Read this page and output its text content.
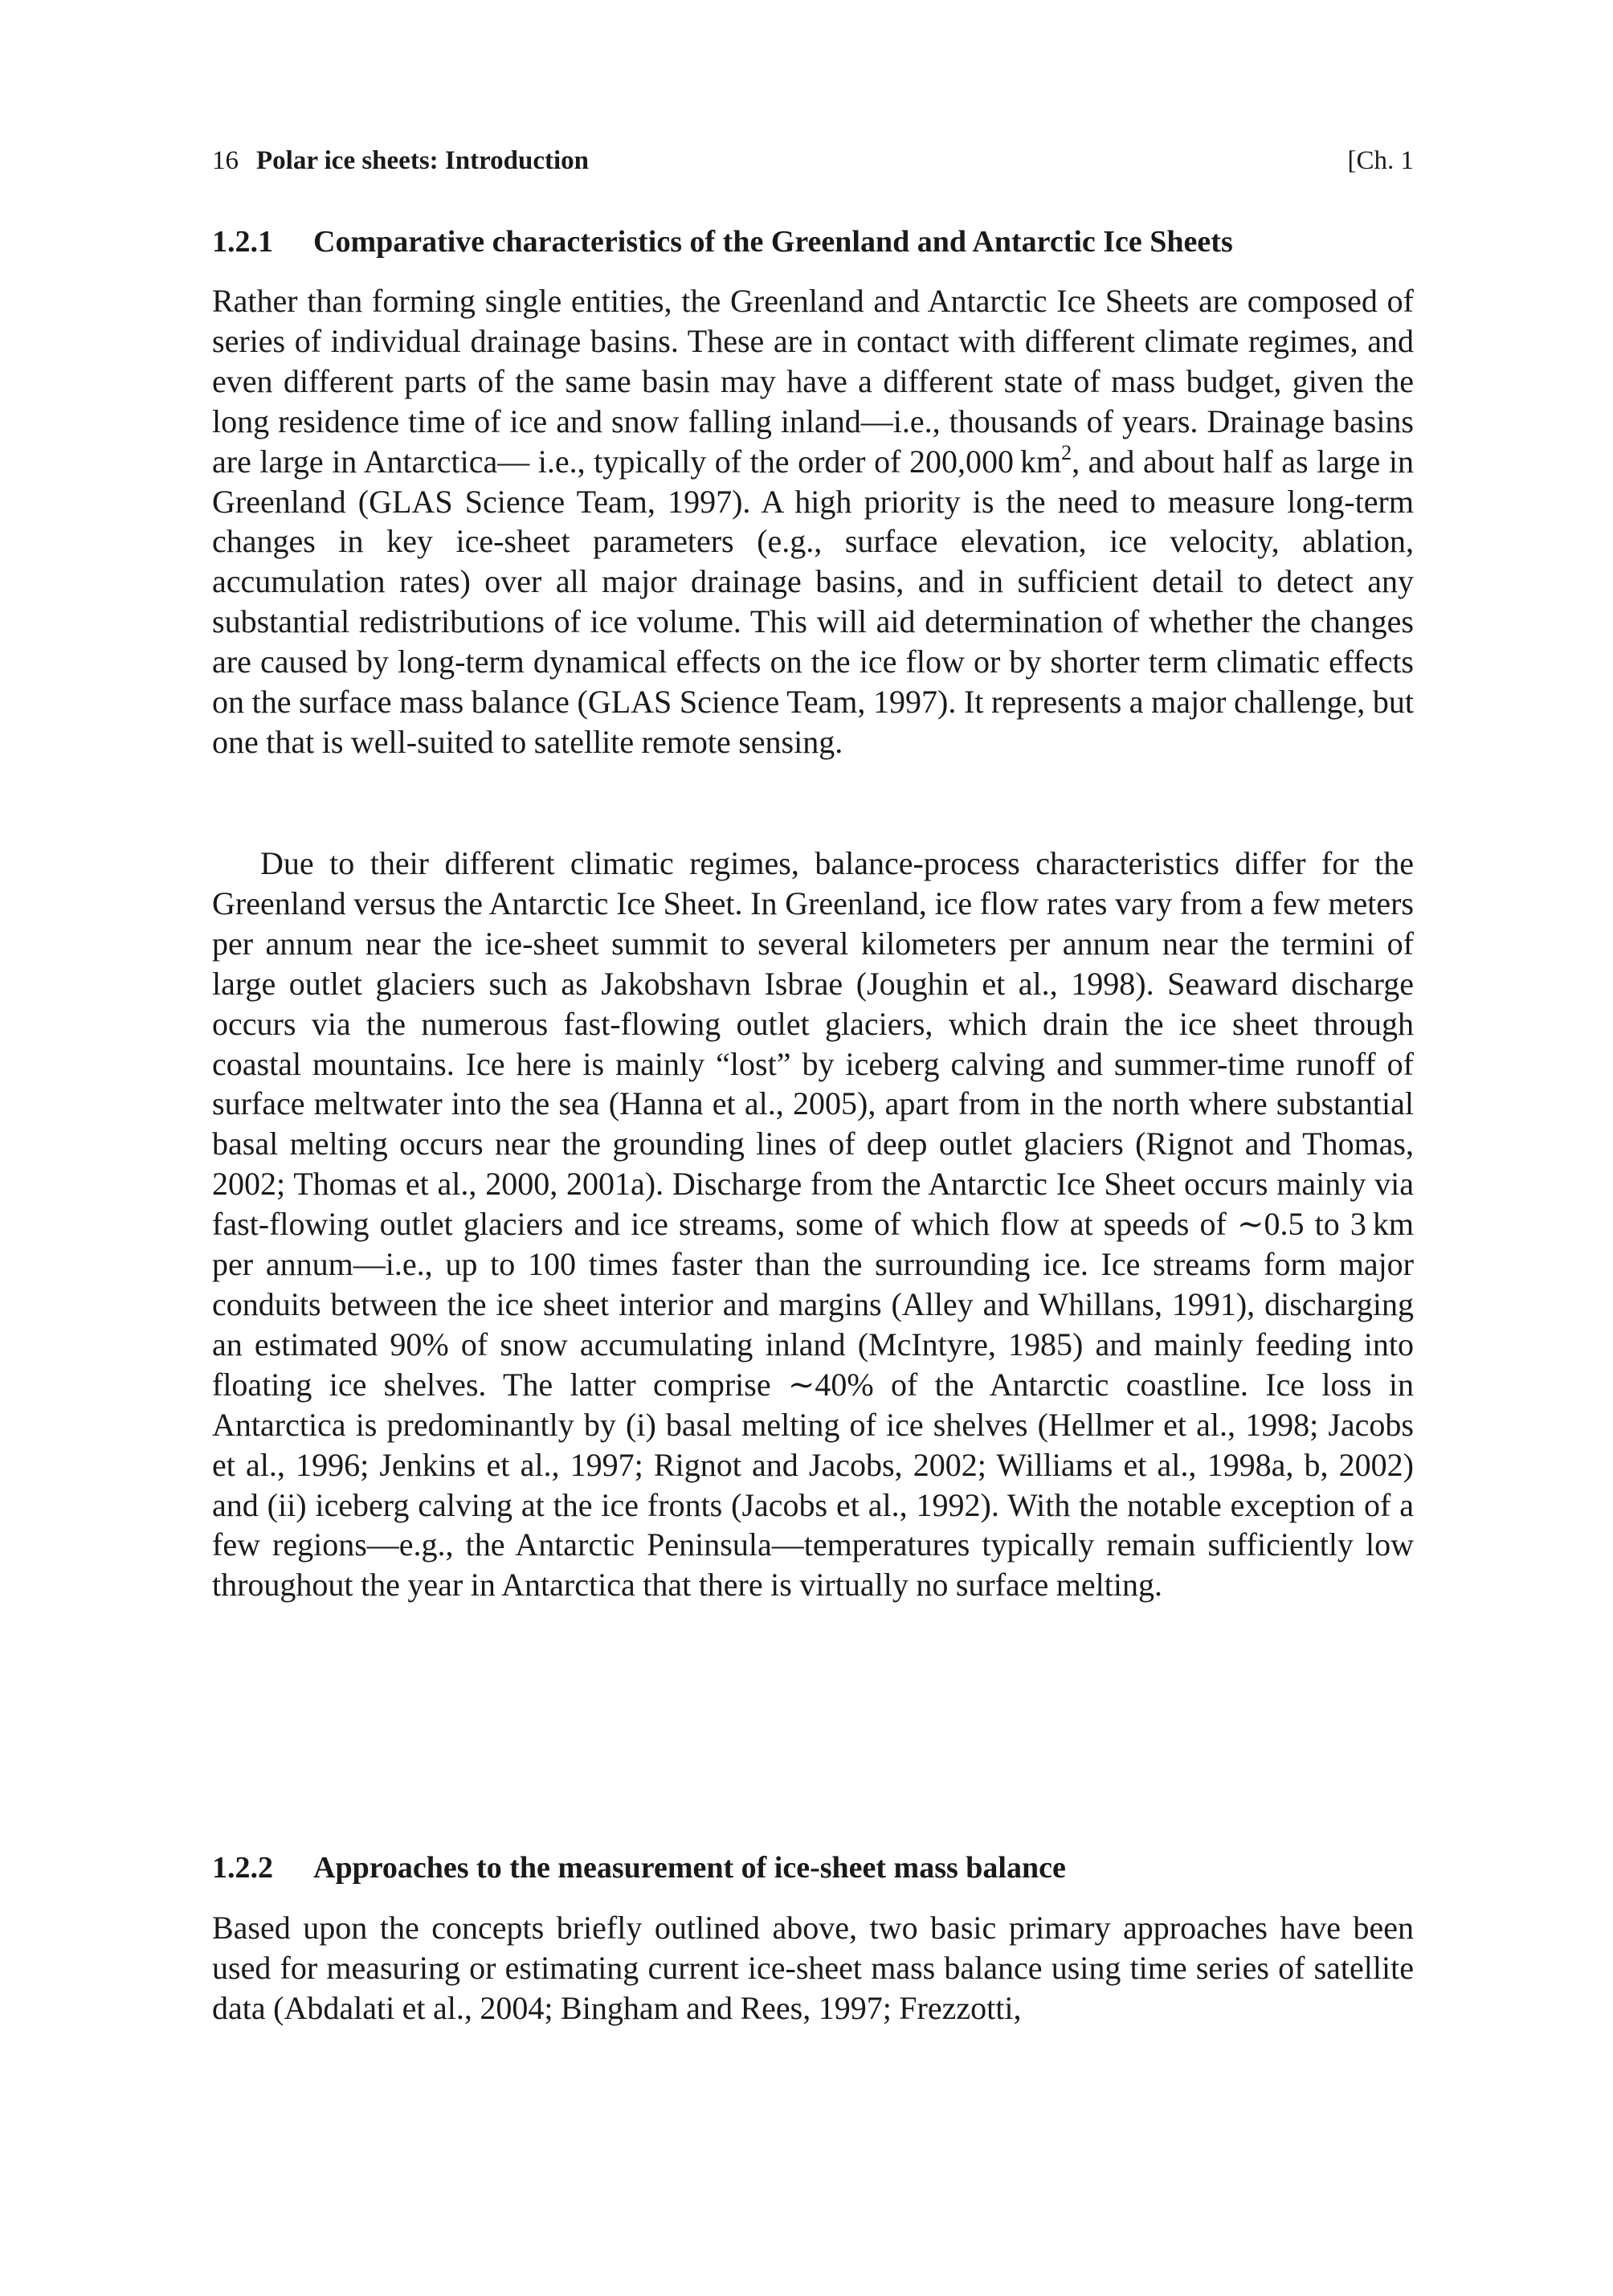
16 Polar ice sheets: Introduction	[Ch. 1
1.2.1 Comparative characteristics of the Greenland and Antarctic Ice Sheets

Rather than forming single entities, the Greenland and Antarctic Ice Sheets are composed of series of individual drainage basins. These are in contact with different climate regimes, and even different parts of the same basin may have a different state of mass budget, given the long residence time of ice and snow falling inland—i.e., thousands of years. Drainage basins are large in Antarctica— i.e., typically of the order of 200,000 $km^2$, and about half as large in Greenland (GLAS Science Team, 1997). A high priority is the need to measure long-term changes in key ice-sheet parameters (e.g., surface elevation, ice velocity, ablation, accumulation rates) over all major drainage basins, and in sufficient detail to detect any substantial redistributions of ice volume. This will aid determination of whether the changes are caused by long-term dynamical effects on the ice flow or by shorter term climatic effects on the surface mass balance (GLAS Science Team, 1997). It represents a major challenge, but one that is well-suited to satellite remote sensing.

Due to their different climatic regimes, balance-process characteristics differ for the Greenland versus the Antarctic Ice Sheet. In Greenland, ice flow rates vary from a few meters per annum near the ice-sheet summit to several kilometers per annum near the termini of large outlet glaciers such as Jakobshavn Isbrae (Joughin et al., 1998). Seaward discharge occurs via the numerous fast-flowing outlet glaciers, which drain the ice sheet through coastal mountains. Ice here is mainly “lost” by iceberg calving and summer-time runoff of surface meltwater into the sea (Hanna et al., 2005), apart from in the north where substantial basal melting occurs near the grounding lines of deep outlet glaciers (Rignot and Thomas, 2002; Thomas et al., 2000, 2001a). Discharge from the Antarctic Ice Sheet occurs mainly via fast-flowing outlet glaciers and ice streams, some of which flow at speeds of ∼0.5 to 3 km per annum—i.e., up to 100 times faster than the surrounding ice. Ice streams form major conduits between the ice sheet interior and margins (Alley and Whillans, 1991), discharging an estimated 90% of snow accumulating inland (McIntyre, 1985) and mainly feeding into floating ice shelves. The latter comprise ∼40% of the Antarctic coastline. Ice loss in Antarctica is predominantly by (i) basal melting of ice shelves (Hellmer et al., 1998; Jacobs et al., 1996; Jenkins et al., 1997; Rignot and Jacobs, 2002; Williams et al., 1998a, b, 2002) and (ii) iceberg calving at the ice fronts (Jacobs et al., 1992). With the notable exception of a few regions—e.g., the Antarctic Peninsula—temperatures typically remain sufficiently low throughout the year in Antarctica that there is virtually no surface melting.

1.2.2 Approaches to the measurement of ice-sheet mass balance

Based upon the concepts briefly outlined above, two basic primary approaches have been used for measuring or estimating current ice-sheet mass balance using time series of satellite data (Abdalati et al., 2004; Bingham and Rees, 1997; Frezzotti,
